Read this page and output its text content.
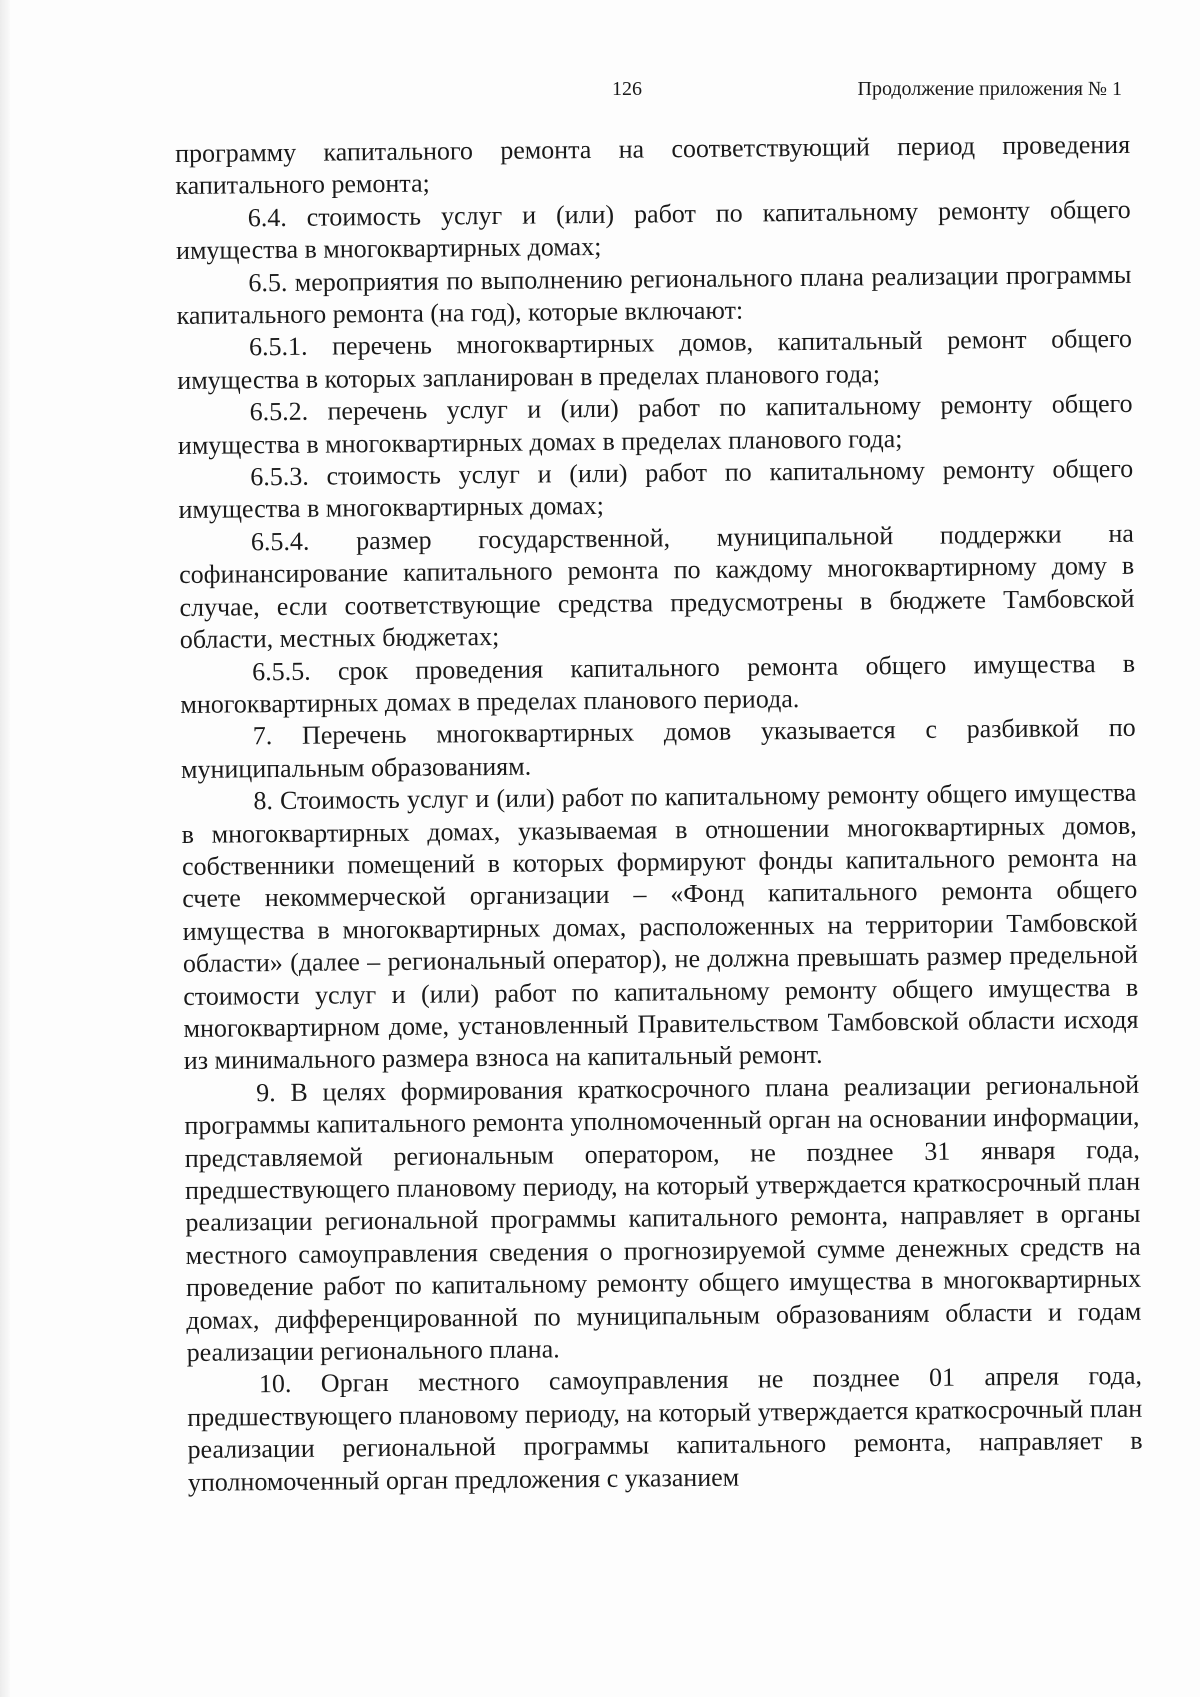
126	Продолжение приложения № 1

программу капитального ремонта на соответствующий период проведения капитального ремонта;

6.4. стоимость услуг и (или) работ по капитальному ремонту общего имущества в многоквартирных домах;

6.5. мероприятия по выполнению регионального плана реализации программы капитального ремонта (на год), которые включают:

6.5.1. перечень многоквартирных домов, капитальный ремонт общего имущества в которых запланирован в пределах планового года;

6.5.2. перечень услуг и (или) работ по капитальному ремонту общего имущества в многоквартирных домах в пределах планового года;

6.5.3. стоимость услуг и (или) работ по капитальному ремонту общего имущества в многоквартирных домах;

6.5.4. размер государственной, муниципальной поддержки на софинансирование капитального ремонта по каждому многоквартирному дому в случае, если соответствующие средства предусмотрены в бюджете Тамбовской области, местных бюджетах;

6.5.5. срок проведения капитального ремонта общего имущества в многоквартирных домах в пределах планового периода.

7. Перечень многоквартирных домов указывается с разбивкой по муниципальным образованиям.

8. Стоимость услуг и (или) работ по капитальному ремонту общего имущества в многоквартирных домах, указываемая в отношении многоквартирных домов, собственники помещений в которых формируют фонды капитального ремонта на счете некоммерческой организации – «Фонд капитального ремонта общего имущества в многоквартирных домах, расположенных на территории Тамбовской области» (далее – региональный оператор), не должна превышать размер предельной стоимости услуг и (или) работ по капитальному ремонту общего имущества в многоквартирном доме, установленный Правительством Тамбовской области исходя из минимального размера взноса на капитальный ремонт.

9. В целях формирования краткосрочного плана реализации региональной программы капитального ремонта уполномоченный орган на основании информации, представляемой региональным оператором, не позднее 31 января года, предшествующего плановому периоду, на который утверждается краткосрочный план реализации региональной программы капитального ремонта, направляет в органы местного самоуправления сведения о прогнозируемой сумме денежных средств на проведение работ по капитальному ремонту общего имущества в многоквартирных домах, дифференцированной по муниципальным образованиям области и годам реализации регионального плана.

10. Орган местного самоуправления не позднее 01 апреля года, предшествующего плановому периоду, на который утверждается краткосрочный план реализации региональной программы капитального ремонта, направляет в уполномоченный орган предложения с указанием
